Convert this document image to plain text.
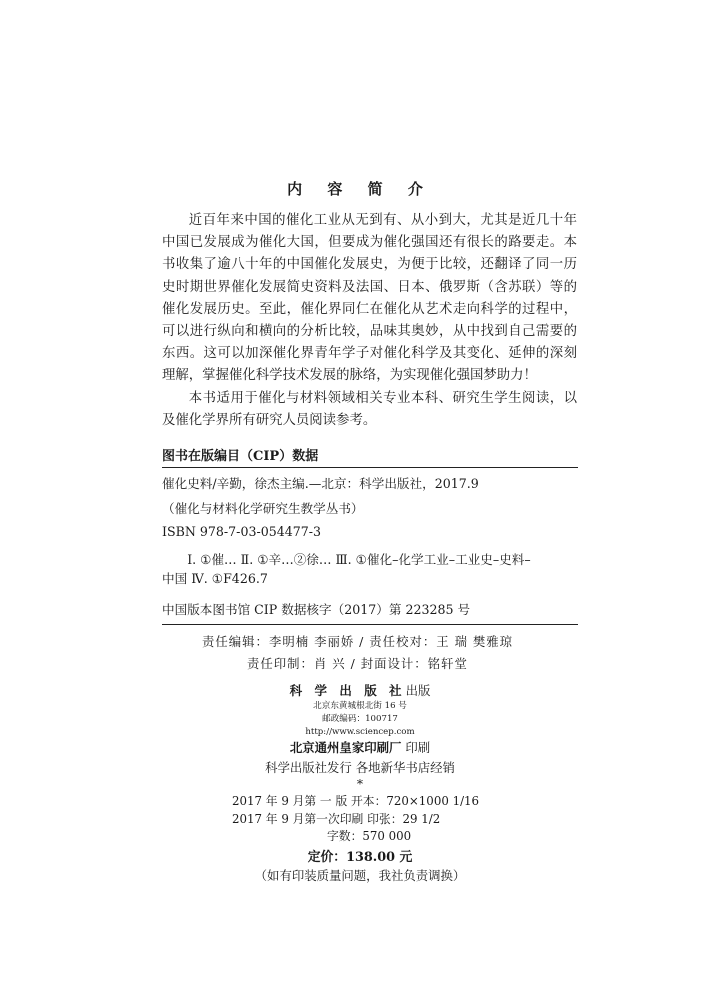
内 容 简 介

近百年来中国的催化工业从无到有、从小到大，尤其是近几十年中国已发展成为催化大国，但要成为催化强国还有很长的路要走。本书收集了逾八十年的中国催化发展史，为便于比较，还翻译了同一历史时期世界催化发展简史资料及法国、日本、俄罗斯（含苏联）等的催化发展历史。至此，催化界同仁在催化从艺术走向科学的过程中，可以进行纵向和横向的分析比较，品味其奥妙，从中找到自己需要的东西。这可以加深催化界青年学子对催化科学及其变化、延伸的深刻理解，掌握催化科学技术发展的脉络，为实现催化强国梦助力！

本书适用于催化与材料领域相关专业本科、研究生学生阅读，以及催化学界所有研究人员阅读参考。

图书在版编目（CIP）数据
催化史料/辛勤，徐杰主编.—北京：科学出版社，2017.9
（催化与材料化学研究生教学丛书）
ISBN 978-7-03-054477-3
Ⅰ. ①催… Ⅱ. ①辛…②徐… Ⅲ. ①催化–化学工业–工业史–史料–
中国 Ⅳ. ①F426.7
中国版本图书馆 CIP 数据核字（2017）第 223285 号
责任编辑：李明楠 李丽娇 / 责任校对：王 瑞 樊雅琼
责任印制：肖 兴 / 封面设计：铭轩堂
科 学 出 版 社出版
北京东黄城根北街 16 号
邮政编码：100717
http://www.sciencep.com
北京通州皇家印刷厂 印刷
科学出版社发行 各地新华书店经销
*
2017 年 9 月第 一 版 开本：720×1000 1/16
2017 年 9 月第一次印刷 印张：29 1/2
字数：570 000
定价：138.00 元
（如有印装质量问题，我社负责调换）
